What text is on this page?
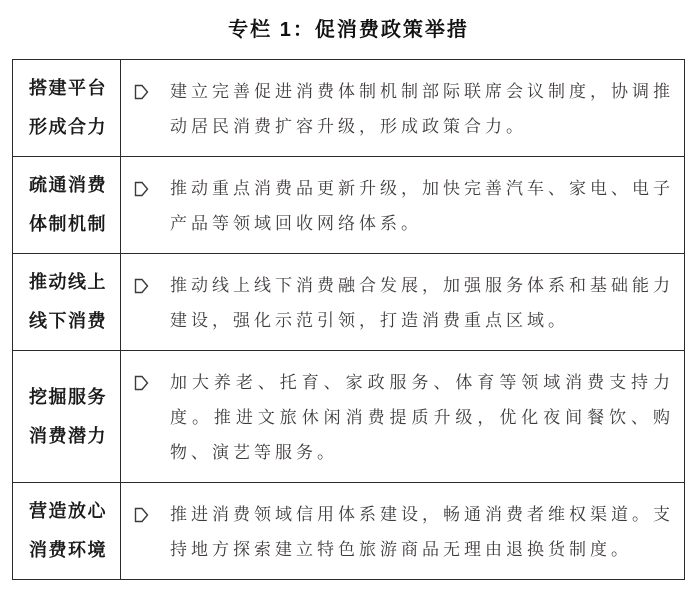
专栏 1：促消费政策举措
搭建平台
形成合力

建立完善促进消费体制机制部际联席会议制度，协调推动居民消费扩容升级，形成政策合力。

疏通消费
体制机制

推动重点消费品更新升级，加快完善汽车、家电、电子产品等领域回收网络体系。

推动线上
线下消费

推动线上线下消费融合发展，加强服务体系和基础能力建设，强化示范引领，打造消费重点区域。

挖掘服务
消费潜力

加大养老、托育、家政服务、体育等领域消费支持力度。推进文旅休闲消费提质升级，优化夜间餐饮、购物、演艺等服务。

营造放心
消费环境

推进消费领域信用体系建设，畅通消费者维权渠道。支持地方探索建立特色旅游商品无理由退换货制度。
